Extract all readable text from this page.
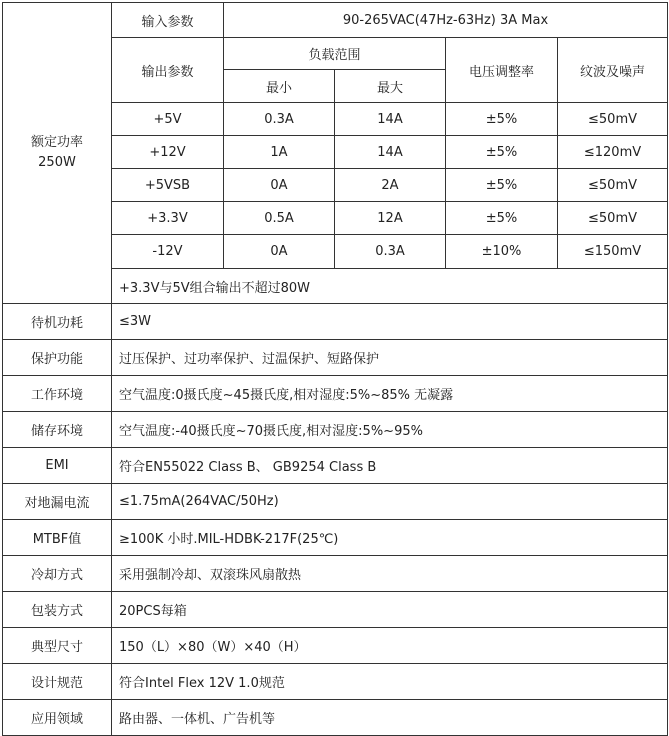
额定功率
250W	输入参数	90-265VAC(47Hz-63Hz) 3A Max			
	输出参数	负载范围		电压调整率	纹波及噪声
		最小	最大		
	+5V	0.3A	14A	±5%	≤50mV
	+12V	1A	14A	±5%	≤120mV
	+5VSB	0A	2A	±5%	≤50mV
	+3.3V	0.5A	12A	±5%	≤50mV
	-12V	0A	0.3A	±10%	≤150mV
	+3.3V与5V组合输出不超过80W				
待机功耗	≤3W				
保护功能	过压保护、过功率保护、过温保护、短路保护				
工作环境	空气温度:0摄氏度~45摄氏度,相对湿度:5%~85% 无凝露				
储存环境	空气温度:-40摄氏度~70摄氏度,相对湿度:5%~95%				
EMI	符合EN55022 Class B、 GB9254 Class B				
对地漏电流	≤1.75mA(264VAC/50Hz)				
MTBF值	≥100K 小时.MIL-HDBK-217F(25℃)				
冷却方式	采用强制冷却、双滚珠风扇散热				
包装方式	20PCS每箱				
典型尺寸	150（L）×80（W）×40（H）				
设计规范	符合Intel Flex 12V 1.0规范				
应用领域	路由器、一体机、广告机等				
